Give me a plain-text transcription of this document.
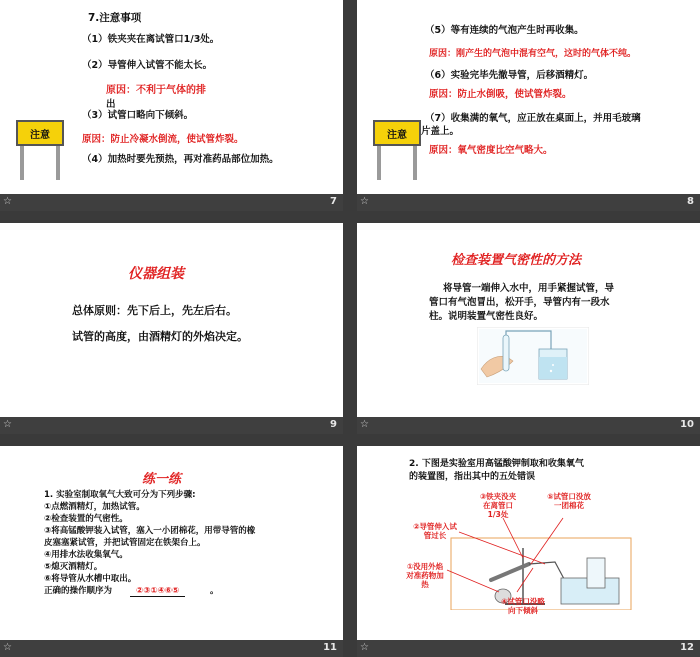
7.注意事项
（1）铁夹夹在离试管口1/3处。
（2）导管伸入试管不能太长。
原因：不利于气体的排
出
（3）试管口略向下倾斜。
原因：防止冷凝水倒流，使试管炸裂。
（4）加热时要先预热，再对准药品部位加热。
注意
☆	7
（5）等有连续的气泡产生时再收集。
原因：刚产生的气泡中混有空气，这时的气体不纯。
（6）实验完毕先撤导管，后移酒精灯。
原因：防止水倒吸，使试管炸裂。
（7）收集满的氧气，应正放在桌面上，并用毛玻璃
片盖上。
原因：氧气密度比空气略大。
注意
☆	8
仪器组装
总体原则：先下后上，先左后右。
试管的高度，由酒精灯的外焰决定。
☆	9
检查装置气密性的方法
将导管一端伸入水中，用手紧握试管，导
管口有气泡冒出，松开手，导管内有一段水
柱。说明装置气密性良好。
☆	10
练一练
1. 实验室制取氧气大致可分为下列步骤:
①点燃酒精灯，加热试管。
②检查装置的气密性。
③将高锰酸钾装入试管，塞入一小团棉花，用带导管的橡
皮塞塞紧试管，并把试管固定在铁架台上。
④用排水法收集氧气。
⑤熄灭酒精灯。
⑥将导管从水槽中取出。
正确的操作顺序为	②③①④⑥⑤	。
☆	11
2. 下图是实验室用高锰酸钾制取和收集氧气
的装置图，指出其中的五处错误
③铁夹没夹在离管口1/3处
⑤试管口没放一团棉花
②导管伸入试管过长
①没用外焰对准药物加热
④试管口没略向下倾斜
☆	12
